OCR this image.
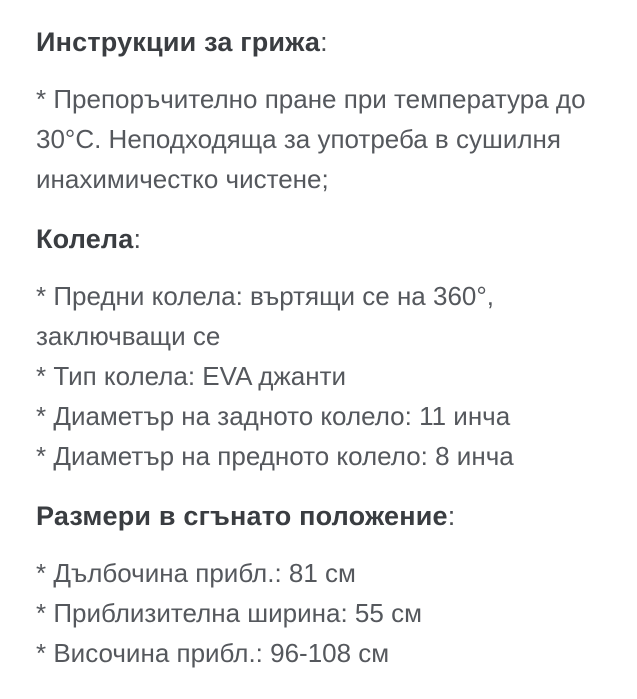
Инструкции за грижа:
* Препоръчително пране при температура до
30°C. Неподходяща за употреба в сушилня
инахимичестко чистене;
Колела:
* Предни колела: въртящи се на 360°,
заключващи се
* Тип колела: EVA джанти
* Диаметър на задното колело: 11 инча
* Диаметър на предното колело: 8 инча
Размери в сгънато положение:
* Дълбочина прибл.: 81 см
* Приблизителна ширина: 55 см
* Височина прибл.: 96-108 см
